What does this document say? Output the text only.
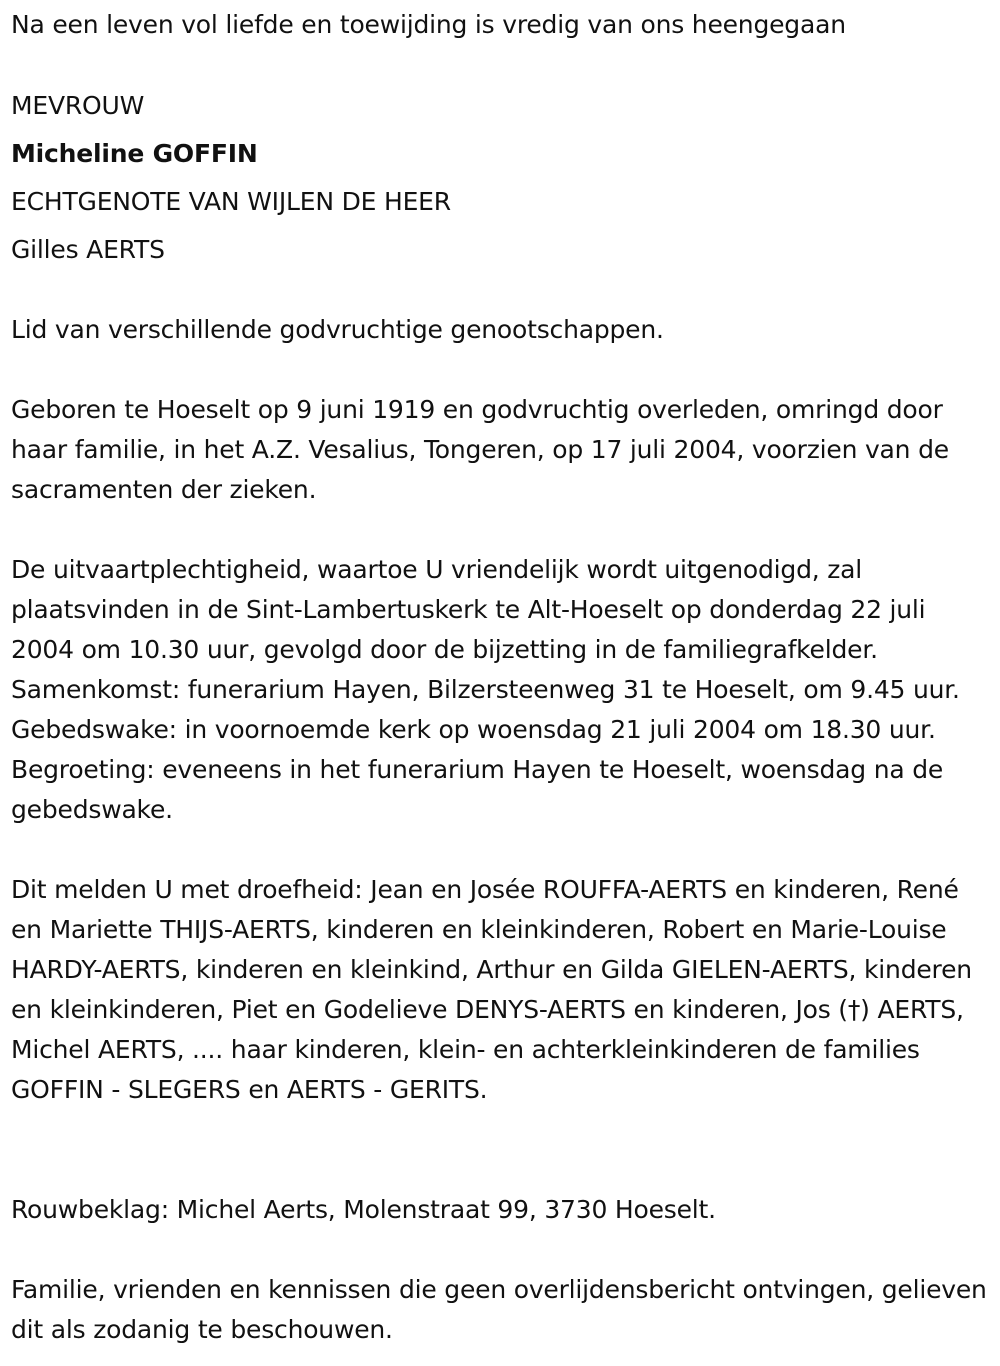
Na een leven vol liefde en toewijding is vredig van ons heengegaan
MEVROUW
Micheline GOFFIN
ECHTGENOTE VAN WIJLEN DE HEER
Gilles AERTS
Lid van verschillende godvruchtige genootschappen.
Geboren te Hoeselt op 9 juni 1919 en godvruchtig overleden, omringd door haar familie, in het A.Z. Vesalius, Tongeren, op 17 juli 2004, voorzien van de sacramenten der zieken.
De uitvaartplechtigheid, waartoe U vriendelijk wordt uitgenodigd, zal plaatsvinden in de Sint-Lambertuskerk te Alt-Hoeselt op donderdag 22 juli 2004 om 10.30 uur, gevolgd door de bijzetting in de familiegrafkelder. Samenkomst: funerarium Hayen, Bilzersteenweg 31 te Hoeselt, om 9.45 uur. Gebedswake: in voornoemde kerk op woensdag 21 juli 2004 om 18.30 uur. Begroeting: eveneens in het funerarium Hayen te Hoeselt, woensdag na de gebedswake.
Dit melden U met droefheid: Jean en Josée ROUFFA-AERTS en kinderen, René en Mariette THIJS-AERTS, kinderen en kleinkinderen, Robert en Marie-Louise HARDY-AERTS, kinderen en kleinkind, Arthur en Gilda GIELEN-AERTS, kinderen en kleinkinderen, Piet en Godelieve DENYS-AERTS en kinderen, Jos (†) AERTS, Michel AERTS, .... haar kinderen, klein- en achterkleinkinderen de families GOFFIN - SLEGERS en AERTS - GERITS.
Rouwbeklag: Michel Aerts, Molenstraat 99, 3730 Hoeselt.
Familie, vrienden en kennissen die geen overlijdensbericht ontvingen, gelieven dit als zodanig te beschouwen.
